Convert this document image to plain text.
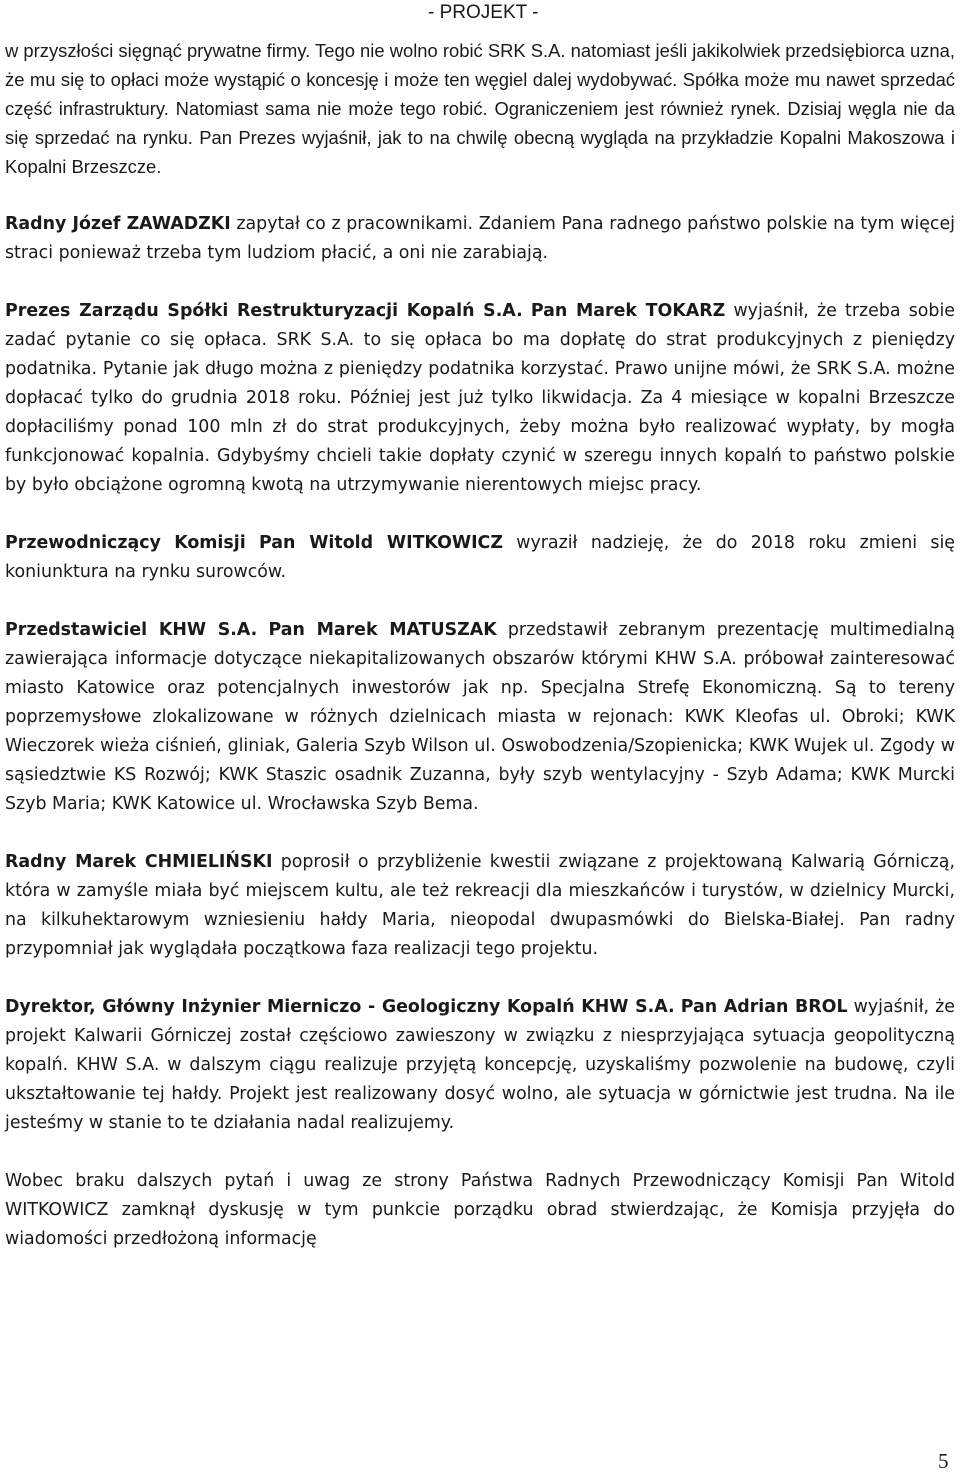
- PROJEKT -

w przyszłości sięgnąć prywatne firmy. Tego nie wolno robić SRK S.A. natomiast jeśli jakikolwiek przedsiębiorca uzna, że mu się to opłaci może wystąpić o koncesję i może ten węgiel dalej wydobywać. Spółka może mu nawet sprzedać część infrastruktury. Natomiast sama nie może tego robić. Ograniczeniem jest również rynek. Dzisiaj węgla nie da się sprzedać na rynku. Pan Prezes wyjaśnił, jak to na chwilę obecną wygląda na przykładzie Kopalni Makoszowa i Kopalni Brzeszcze.

Radny Józef ZAWADZKI zapytał co z pracownikami. Zdaniem Pana radnego państwo polskie na tym więcej straci ponieważ trzeba tym ludziom płacić, a oni nie zarabiają.

Prezes Zarządu Spółki Restrukturyzacji Kopalń S.A. Pan Marek TOKARZ wyjaśnił, że trzeba sobie zadać pytanie co się opłaca. SRK S.A. to się opłaca bo ma dopłatę do strat produkcyjnych z pieniędzy podatnika. Pytanie jak długo można z pieniędzy podatnika korzystać. Prawo unijne mówi, że SRK S.A. możne dopłacać tylko do grudnia 2018 roku. Później jest już tylko likwidacja. Za 4 miesiące w kopalni Brzeszcze dopłaciliśmy ponad 100 mln zł do strat produkcyjnych, żeby można było realizować wypłaty, by mogła funkcjonować kopalnia. Gdybyśmy chcieli takie dopłaty czynić w szeregu innych kopalń to państwo polskie by było obciążone ogromną kwotą na utrzymywanie nierentowych miejsc pracy.

Przewodniczący Komisji Pan Witold WITKOWICZ wyraził nadzieję, że do 2018 roku zmieni się koniunktura na rynku surowców.

Przedstawiciel KHW S.A. Pan Marek MATUSZAK przedstawił zebranym prezentację multimedialną zawierająca informacje dotyczące niekapitalizowanych obszarów którymi KHW S.A. próbował zainteresować miasto Katowice oraz potencjalnych inwestorów jak np. Specjalna Strefę Ekonomiczną. Są to tereny poprzemysłowe zlokalizowane w różnych dzielnicach miasta w rejonach: KWK Kleofas ul. Obroki; KWK Wieczorek wieża ciśnień, gliniak, Galeria Szyb Wilson ul. Oswobodzenia/Szopienicka; KWK Wujek ul. Zgody w sąsiedztwie KS Rozwój; KWK Staszic osadnik Zuzanna, były szyb wentylacyjny - Szyb Adama; KWK Murcki Szyb Maria; KWK Katowice ul. Wrocławska Szyb Bema.

Radny Marek CHMIELIŃSKI poprosił o przybliżenie kwestii związane z projektowaną Kalwarią Górniczą, która w zamyśle miała być miejscem kultu, ale też rekreacji dla mieszkańców i turystów, w dzielnicy Murcki, na kilkuhektarowym wzniesieniu hałdy Maria, nieopodal dwupasmówki do Bielska-Białej. Pan radny przypomniał jak wyglądała początkowa faza realizacji tego projektu.

Dyrektor, Główny Inżynier Mierniczo - Geologiczny Kopalń KHW S.A. Pan Adrian BROL wyjaśnił, że projekt Kalwarii Górniczej został częściowo zawieszony w związku z niesprzyjająca sytuacja geopolityczną kopalń. KHW S.A. w dalszym ciągu realizuje przyjętą koncepcję, uzyskaliśmy pozwolenie na budowę, czyli ukształtowanie tej hałdy. Projekt jest realizowany dosyć wolno, ale sytuacja w górnictwie jest trudna. Na ile jesteśmy w stanie to te działania nadal realizujemy.

Wobec braku dalszych pytań i uwag ze strony Państwa Radnych Przewodniczący Komisji Pan Witold WITKOWICZ zamknął dyskusję w tym punkcie porządku obrad stwierdzając, że Komisja przyjęła do wiadomości przedłożoną informację

5
